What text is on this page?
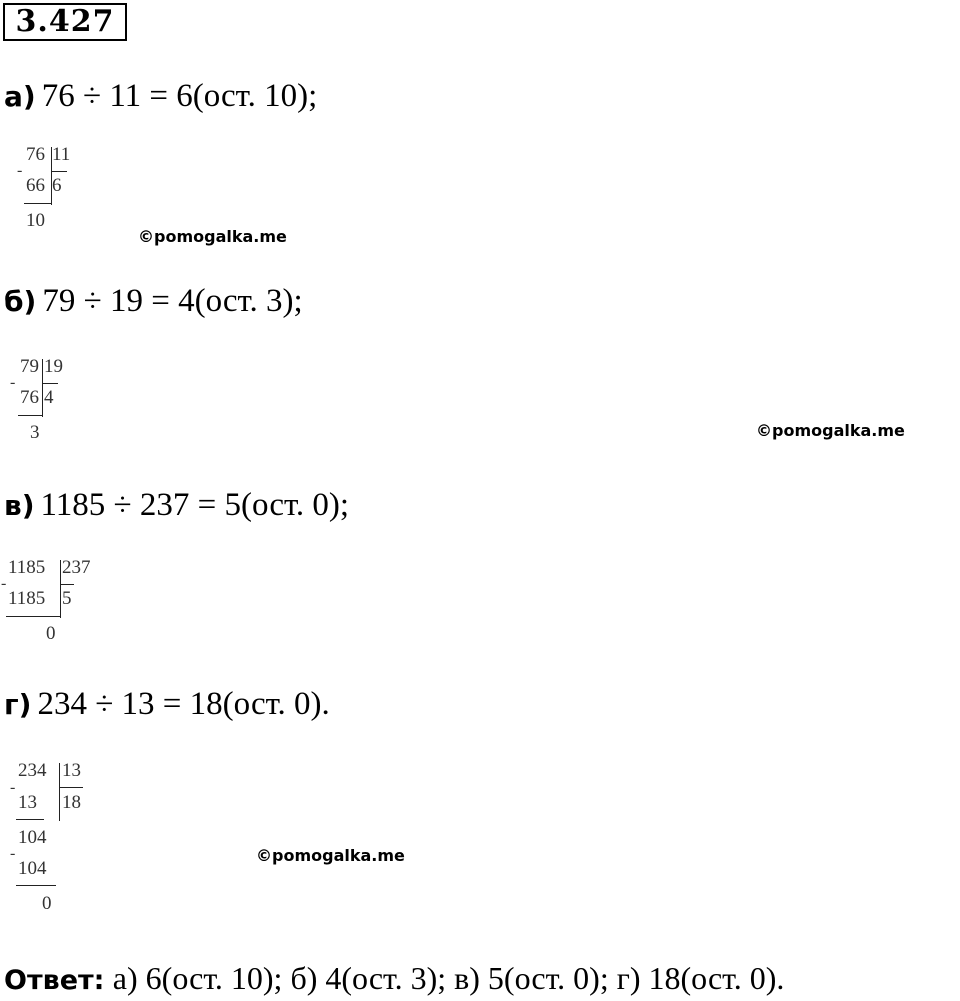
3.427
а) 76 ÷ 11 = 6(ост. 10);
76 11
-
66 6
10
©pomogalka.me
б) 79 ÷ 19 = 4(ост. 3);
79 19
-
76 4
3	©pomogalka.me
в) 1185 ÷ 237 = 5(ост. 0);
1185 237
-
1185 5
0
г) 234 ÷ 13 = 18(ост. 0).
234 13
-
13 18
104
-
104
0
©pomogalka.me
Ответ: а) 6(ост. 10); б) 4(ост. 3); в) 5(ост. 0); г) 18(ост. 0).
